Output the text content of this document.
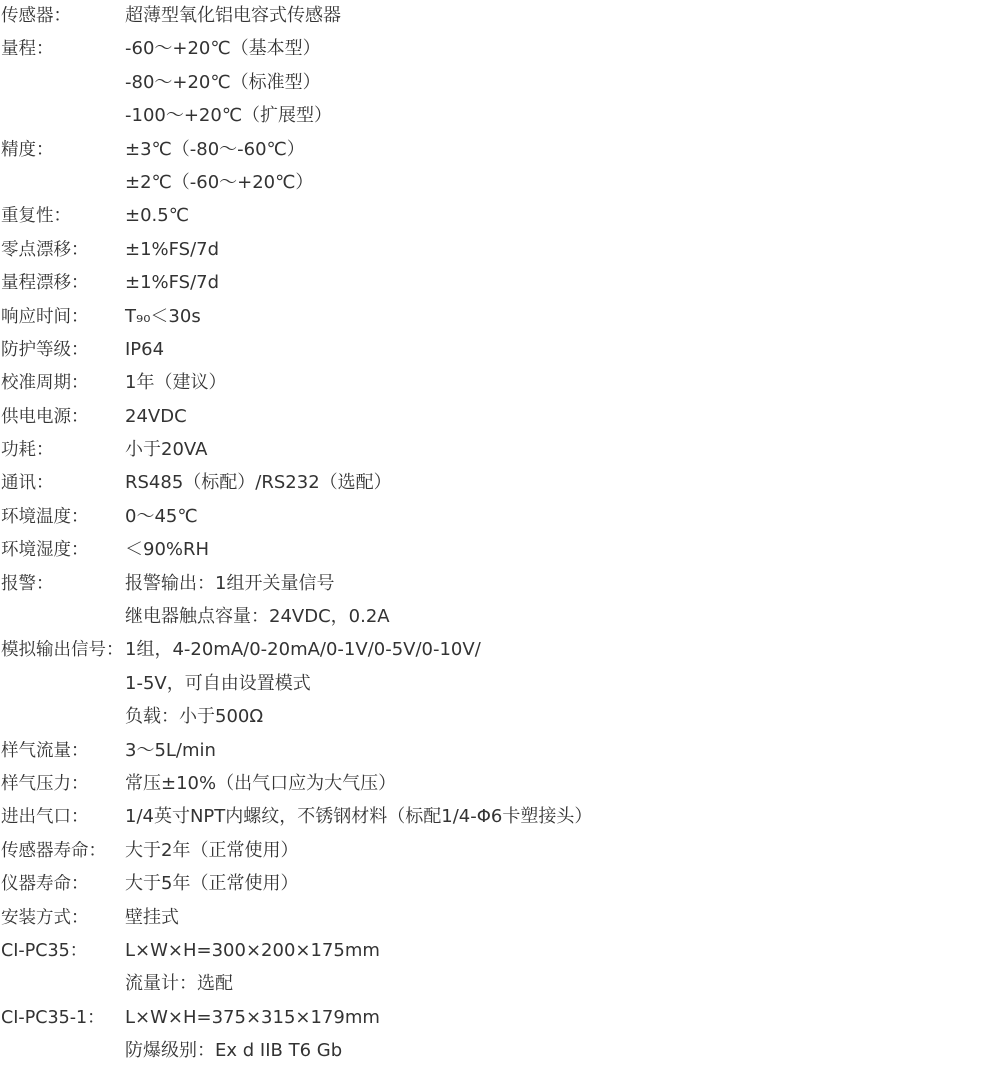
传感器：	超薄型氧化铝电容式传感器
量程：	-60～+20℃（基本型）
-80～+20℃（标准型）
-100～+20℃（扩展型）
精度：	±3℃（-80～-60℃）
±2℃（-60～+20℃）
重复性：	±0.5℃
零点漂移：	±1%FS/7d
量程漂移：	±1%FS/7d
响应时间：	T₉₀＜30s
防护等级：	IP64
校准周期：	1年（建议）
供电电源：	24VDC
功耗：	小于20VA
通讯：	RS485（标配）/RS232（选配）
环境温度：	0～45℃
环境湿度：	＜90%RH
报警：	报警输出：1组开关量信号
继电器触点容量：24VDC，0.2A
模拟输出信号： 1组，4-20mA/0-20mA/0-1V/0-5V/0-10V/
1-5V，可自由设置模式
负载：小于500Ω
样气流量：	3～5L/min
样气压力：	常压±10%（出气口应为大气压）
进出气口：	1/4英寸NPT内螺纹，不锈钢材料（标配1/4-Φ6卡塑接头）
传感器寿命：	大于2年（正常使用）
仪器寿命：	大于5年（正常使用）
安装方式：	壁挂式
CI-PC35：	L×W×H=300×200×175mm
流量计：选配
CI-PC35-1：	L×W×H=375×315×179mm
防爆级别：Ex d IIB T6 Gb
